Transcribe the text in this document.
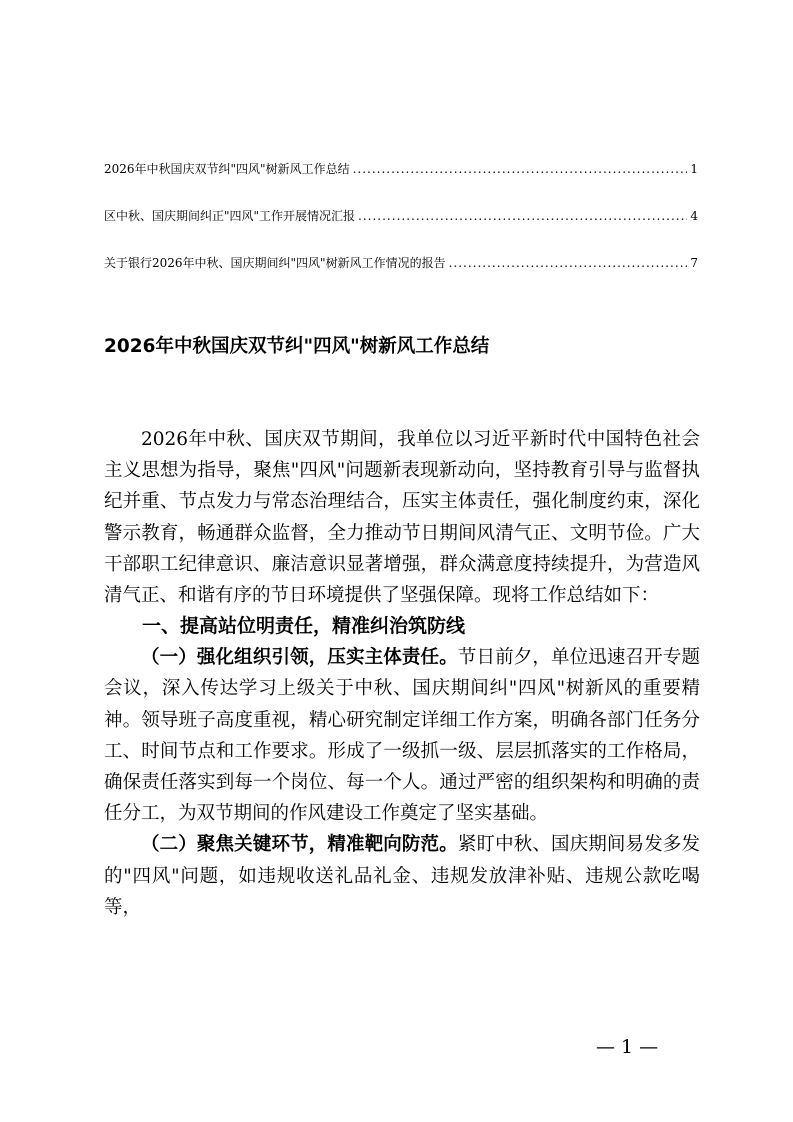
2026年中秋国庆双节纠"四风"树新风工作总结 .....	1
区中秋、国庆期间纠正"四风"工作开展情况汇报 .....	4
关于银行2026年中秋、国庆期间纠"四风"树新风工作情况的报告 .....	7
2026年中秋国庆双节纠"四风"树新风工作总结

2026年中秋、国庆双节期间，我单位以习近平新时代中国特色社会主义思想为指导，聚焦"四风"问题新表现新动向，坚持教育引导与监督执纪并重、节点发力与常态治理结合，压实主体责任，强化制度约束，深化警示教育，畅通群众监督，全力推动节日期间风清气正、文明节俭。广大干部职工纪律意识、廉洁意识显著增强，群众满意度持续提升，为营造风清气正、和谐有序的节日环境提供了坚强保障。现将工作总结如下：

一、提高站位明责任，精准纠治筑防线

（一）强化组织引领，压实主体责任。节日前夕，单位迅速召开专题会议，深入传达学习上级关于中秋、国庆期间纠"四风"树新风的重要精神。领导班子高度重视，精心研究制定详细工作方案，明确各部门任务分工、时间节点和工作要求。形成了一级抓一级、层层抓落实的工作格局，确保责任落实到每一个岗位、每一个人。通过严密的组织架构和明确的责任分工，为双节期间的作风建设工作奠定了坚实基础。

（二）聚焦关键环节，精准靶向防范。紧盯中秋、国庆期间易发多发的"四风"问题，如违规收送礼品礼金、违规发放津补贴、违规公款吃喝等，

— 1 —
